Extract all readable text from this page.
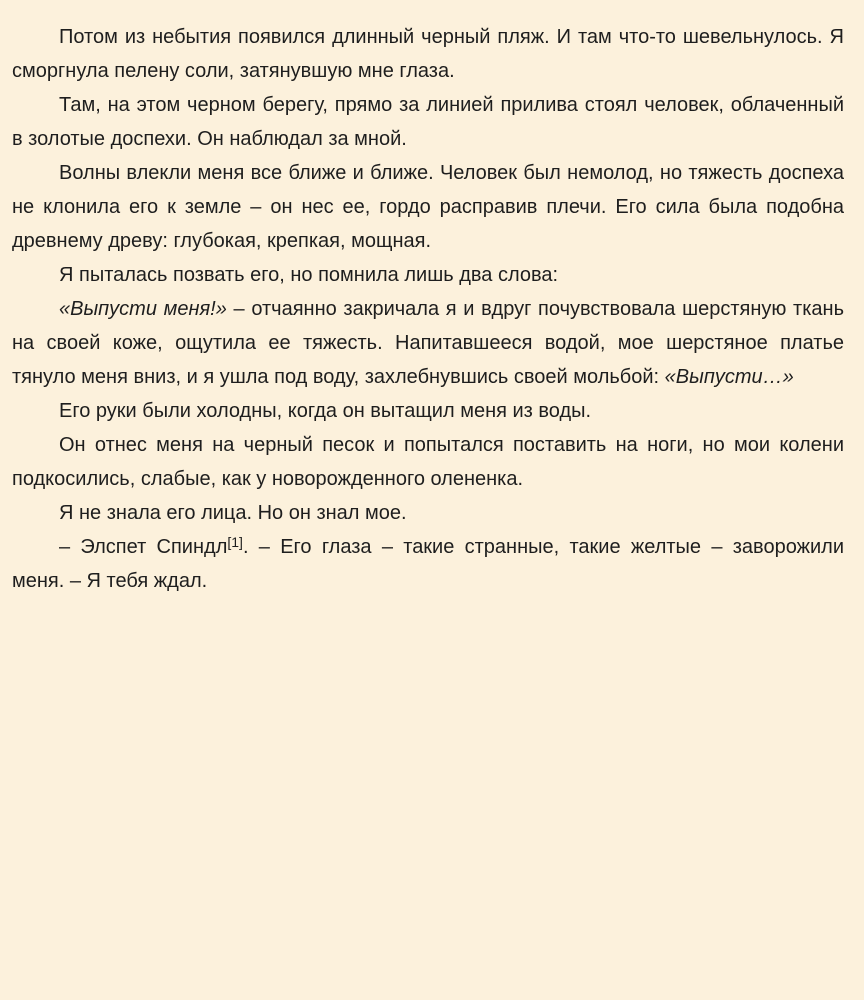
Потом из небытия появился длинный черный пляж. И там что-то шевельнулось. Я сморгнула пелену соли, затянувшую мне глаза.

Там, на этом черном берегу, прямо за линией прилива стоял человек, облаченный в золотые доспехи. Он наблюдал за мной.

Волны влекли меня все ближе и ближе. Человек был немолод, но тяжесть доспеха не клонила его к земле – он нес ее, гордо расправив плечи. Его сила была подобна древнему древу: глубокая, крепкая, мощная.

Я пыталась позвать его, но помнила лишь два слова:

«Выпусти меня!» – отчаянно закричала я и вдруг почувствовала шерстяную ткань на своей коже, ощутила ее тяжесть. Напитавшееся водой, мое шерстяное платье тянуло меня вниз, и я ушла под воду, захлебнувшись своей мольбой: «Выпусти…»

Его руки были холодны, когда он вытащил меня из воды.

Он отнес меня на черный песок и попытался поставить на ноги, но мои колени подкосились, слабые, как у новорожденного олененка.

Я не знала его лица. Но он знал мое.

– Элспет Спиндл[1]. – Его глаза – такие странные, такие желтые – заворожили меня. – Я тебя ждал.
